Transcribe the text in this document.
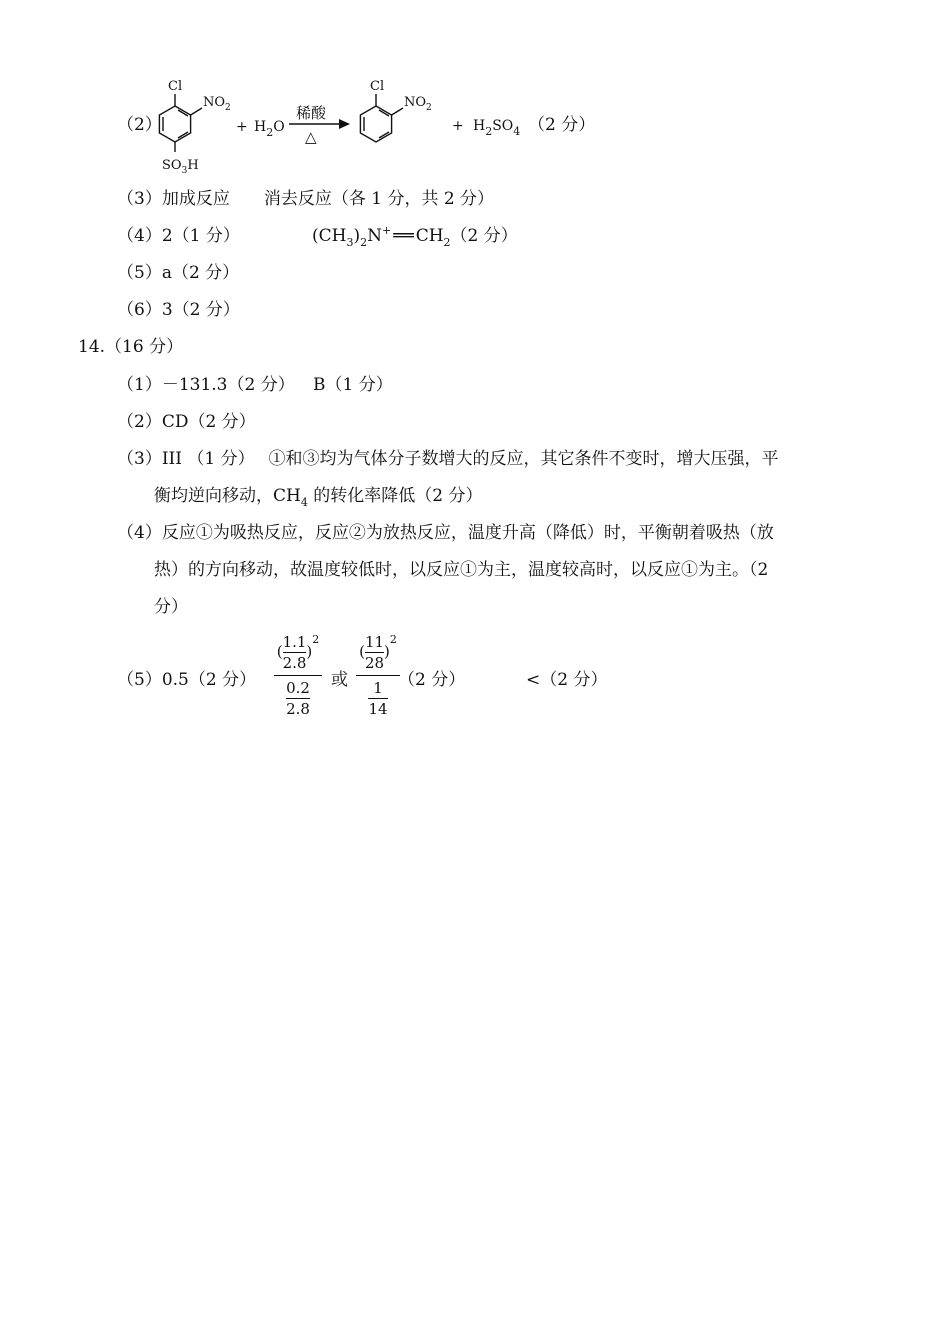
（2）
Cl
$NO_2$
$SO_3H$
+ $H_2O$
稀酸
△
Cl
$NO_2$
+ $H_2SO_4$ （2 分）
（3）加成反应　　消去反应（各 1 分，共 2 分）
（4）2（1 分）	$(CH_3)_2N^+$ ══ $CH_2(2$ 分）
（5）a（2 分）
（6）3（2 分）
14.（16 分）
（1）－131.3（2 分） B（1 分）
（2）CD（2 分）
（3）III （1 分）　 ①和③均为气体分子数增大的反应，其它条件不变时，增大压强，平
衡均逆向移动，$CH_4$ 的转化率降低（2 分）
（4）反应①为吸热反应，反应②为放热反应，温度升高（降低）时，平衡朝着吸热（放
热）的方向移动，故温度较低时，以反应①为主，温度较高时，以反应①为主。（2
分）
（5）0.5（2 分）
( $\frac{1.1}{2.8} )^2$
$\frac{0.2}{2.8}$ 或
( $\frac{11}{28} )^2$
$\frac{1}{14} (2$ 分）	<（2 分）
